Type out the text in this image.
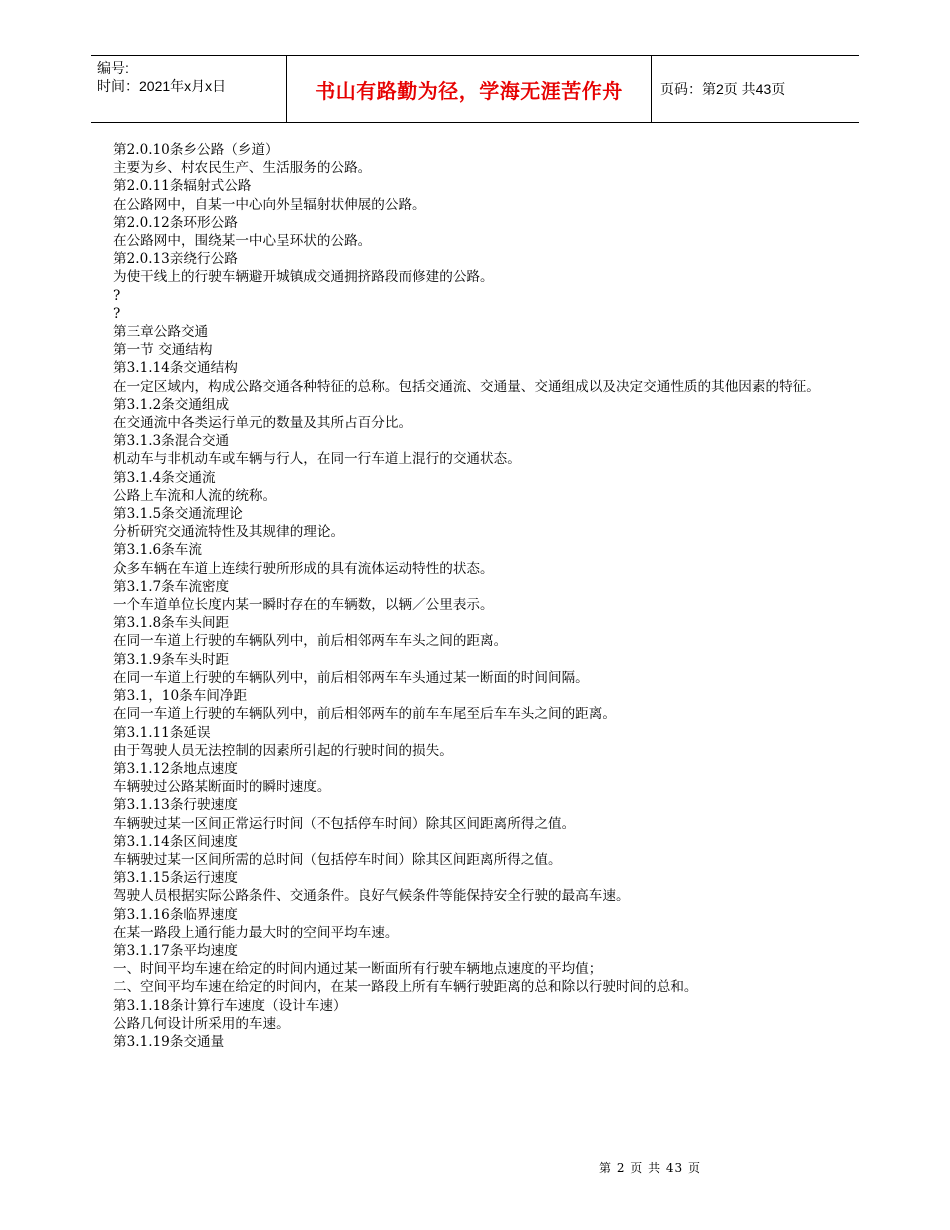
编号:
时间：2021年x月x日	书山有路勤为径，学海无涯苦作舟	页码：第2页 共43页
第2.0.10条乡公路（乡道）
主要为乡、村农民生产、生活服务的公路。
第2.0.11条辐射式公路
在公路网中，自某一中心向外呈辐射状伸展的公路。
第2.0.12条环形公路
在公路网中，围绕某一中心呈环状的公路。
第2.0.13亲绕行公路
为使干线上的行驶车辆避开城镇成交通拥挤路段而修建的公路。
?
?
第三章公路交通
第一节 交通结构
第3.1.14条交通结构
在一定区域内，构成公路交通各种特征的总称。包括交通流、交通量、交通组成以及决定交通性质的其他因素的特征。
第3.1.2条交通组成
在交通流中各类运行单元的数量及其所占百分比。
第3.1.3条混合交通
机动车与非机动车或车辆与行人，在同一行车道上混行的交通状态。
第3.1.4条交通流
公路上车流和人流的统称。
第3.1.5条交通流理论
分析研究交通流特性及其规律的理论。
第3.1.6条车流
众多车辆在车道上连续行驶所形成的具有流体运动特性的状态。
第3.1.7条车流密度
一个车道单位长度内某一瞬时存在的车辆数，以辆／公里表示。
第3.1.8条车头间距
在同一车道上行驶的车辆队列中，前后相邻两车车头之间的距离。
第3.1.9条车头时距
在同一车道上行驶的车辆队列中，前后相邻两车车头通过某一断面的时间间隔。
第3.1，10条车间净距
在同一车道上行驶的车辆队列中，前后相邻两车的前车车尾至后车车头之间的距离。
第3.1.11条延误
由于驾驶人员无法控制的因素所引起的行驶时间的损失。
第3.1.12条地点速度
车辆驶过公路某断面时的瞬时速度。
第3.1.13条行驶速度
车辆驶过某一区间正常运行时间（不包括停车时间）除其区间距离所得之值。
第3.1.14条区间速度
车辆驶过某一区间所需的总时间（包括停车时间）除其区间距离所得之值。
第3.1.15条运行速度
驾驶人员根据实际公路条件、交通条件。良好气候条件等能保持安全行驶的最高车速。
第3.1.16条临界速度
在某一路段上通行能力最大时的空间平均车速。
第3.1.17条平均速度
一、时间平均车速在给定的时间内通过某一断面所有行驶车辆地点速度的平均值；
二、空间平均车速在给定的时间内，在某一路段上所有车辆行驶距离的总和除以行驶时间的总和。
第3.1.18条计算行车速度（设计车速）
公路几何设计所采用的车速。
第3.1.19条交通量
第 2 页 共 43 页
